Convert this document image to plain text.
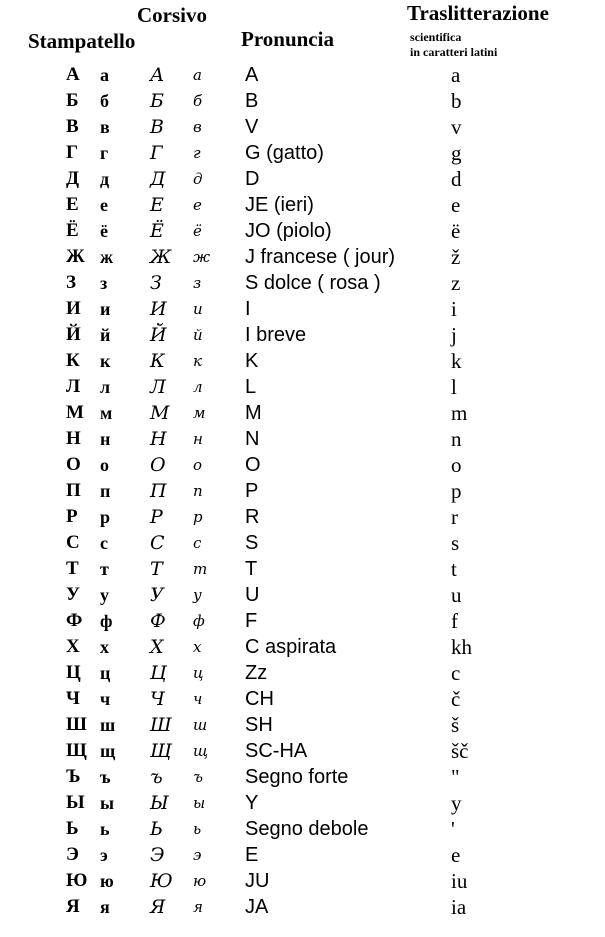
Corsivo
Stampatello	Pronuncia
Traslitterazione
scientifica
in caratteri latini
А а А а A	a
Б б Б б B	b
В в В в V	v
Г г Г г G (gatto)	g
Д д Д д D	d
Е е Е е JE (ieri)	e
Ё ё Ё ё JO (piolo)	ë
Ж ж Ж ж J francese ( jour)	ž
З з З з S dolce ( rosa )	z
И и И и I	i
Й й Й й I breve	j
К к К к K	k
Л л Л л L	l
М м М м M	m
Н н Н н N	n
О о О о O	o
П п П п P	p
Р р Р р R	r
С с С с S	s
Т т Т т T	t
У у У у U	u
Ф ф Ф ф F	f
Х х Х х C aspirata	kh
Ц ц Ц ц Zz	c
Ч ч Ч ч CH	č
Ш ш Ш ш SH	š
Щ щ Щ щ SC-HA	šč
Ъ ъ ъ ъ Segno forte	"
Ы ы Ы ы Y	y
Ь ь Ь ь Segno debole	'
Э э Э э E	e
Ю ю Ю ю JU	iu
Я я Я я JA	ia
